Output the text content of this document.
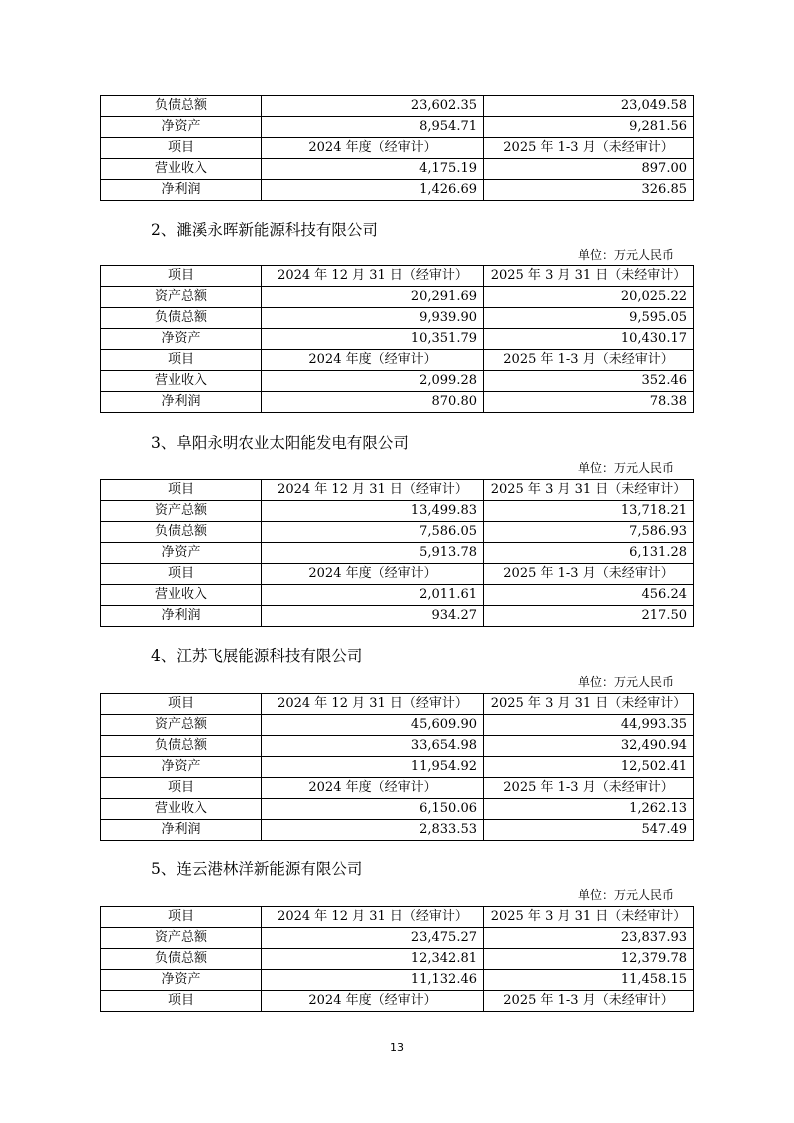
负债总额	23,602.35	23,049.58
净资产	8,954.71	9,281.56
项目	2024 年度（经审计）	2025 年 1-3 月（未经审计）
营业收入	4,175.19	897.00
净利润	1,426.69	326.85
2、濉溪永晖新能源科技有限公司
单位：万元人民币
项目	2024 年 12 月 31 日（经审计）	2025 年 3 月 31 日（未经审计）
资产总额	20,291.69	20,025.22
负债总额	9,939.90	9,595.05
净资产	10,351.79	10,430.17
项目	2024 年度（经审计）	2025 年 1-3 月（未经审计）
营业收入	2,099.28	352.46
净利润	870.80	78.38
3、阜阳永明农业太阳能发电有限公司
单位：万元人民币
项目	2024 年 12 月 31 日（经审计）	2025 年 3 月 31 日（未经审计）
资产总额	13,499.83	13,718.21
负债总额	7,586.05	7,586.93
净资产	5,913.78	6,131.28
项目	2024 年度（经审计）	2025 年 1-3 月（未经审计）
营业收入	2,011.61	456.24
净利润	934.27	217.50
4、江苏飞展能源科技有限公司
单位：万元人民币
项目	2024 年 12 月 31 日（经审计）	2025 年 3 月 31 日（未经审计）
资产总额	45,609.90	44,993.35
负债总额	33,654.98	32,490.94
净资产	11,954.92	12,502.41
项目	2024 年度（经审计）	2025 年 1-3 月（未经审计）
营业收入	6,150.06	1,262.13
净利润	2,833.53	547.49
5、连云港林洋新能源有限公司
单位：万元人民币
项目	2024 年 12 月 31 日（经审计）	2025 年 3 月 31 日（未经审计）
资产总额	23,475.27	23,837.93
负债总额	12,342.81	12,379.78
净资产	11,132.46	11,458.15
项目	2024 年度（经审计）	2025 年 1-3 月（未经审计）
13
